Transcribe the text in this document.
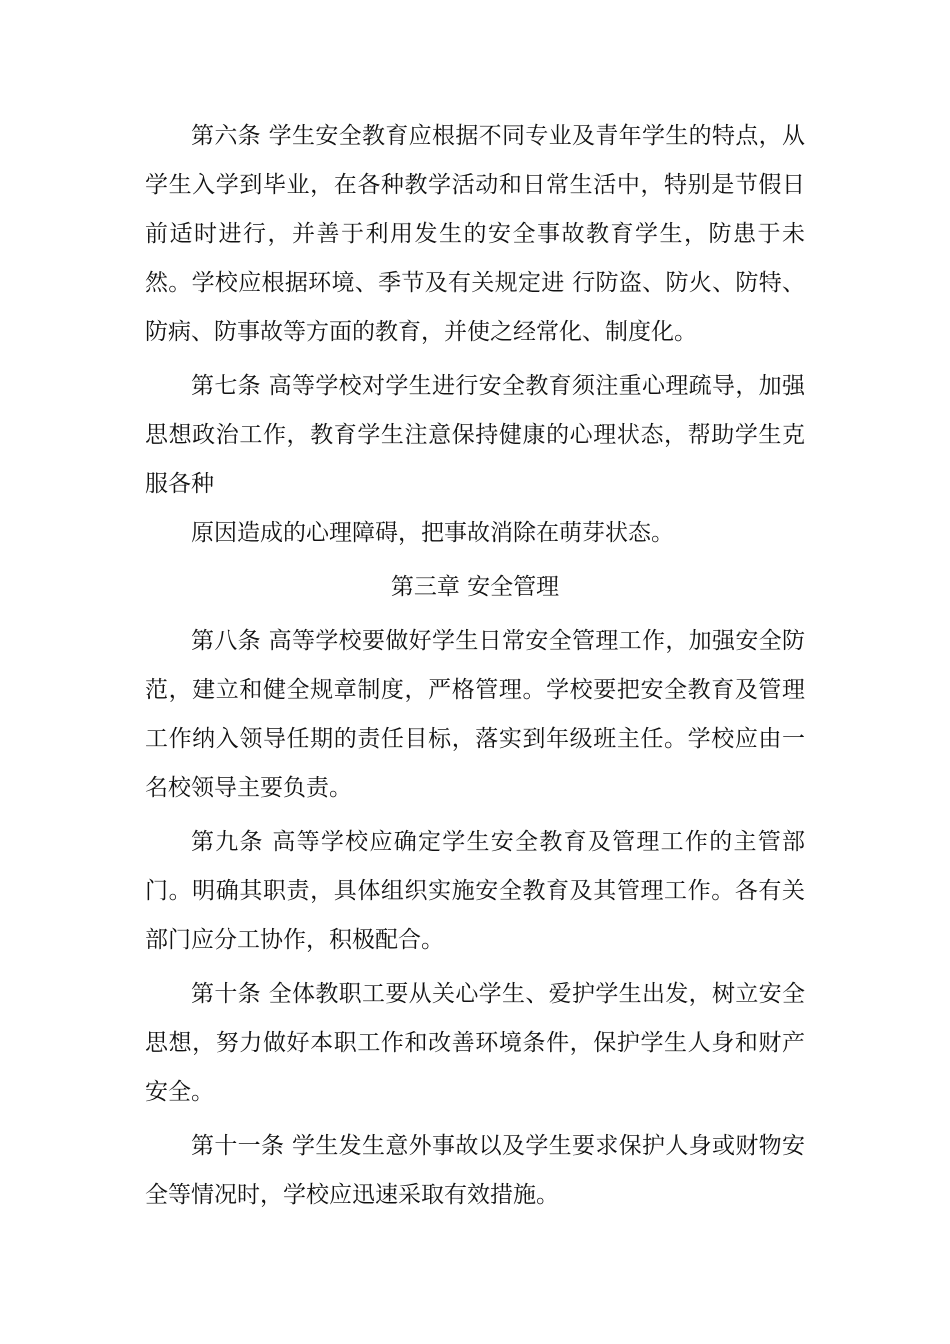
第六条 学生安全教育应根据不同专业及青年学生的特点，从学生入学到毕业，在各种教学活动和日常生活中，特别是节假日前适时进行，并善于利用发生的安全事故教育学生，防患于未然。学校应根据环境、季节及有关规定进 行防盗、防火、防特、防病、防事故等方面的教育，并使之经常化、制度化。

第七条 高等学校对学生进行安全教育须注重心理疏导，加强思想政治工作，教育学生注意保持健康的心理状态，帮助学生克服各种

原因造成的心理障碍，把事故消除在萌芽状态。

第三章 安全管理

第八条 高等学校要做好学生日常安全管理工作，加强安全防范，建立和健全规章制度，严格管理。学校要把安全教育及管理工作纳入领导任期的责任目标，落实到年级班主任。学校应由一名校领导主要负责。

第九条 高等学校应确定学生安全教育及管理工作的主管部门。明确其职责，具体组织实施安全教育及其管理工作。各有关部门应分工协作，积极配合。

第十条 全体教职工要从关心学生、爱护学生出发，树立安全思想，努力做好本职工作和改善环境条件，保护学生人身和财产安全。

第十一条 学生发生意外事故以及学生要求保护人身或财物安全等情况时，学校应迅速采取有效措施。
